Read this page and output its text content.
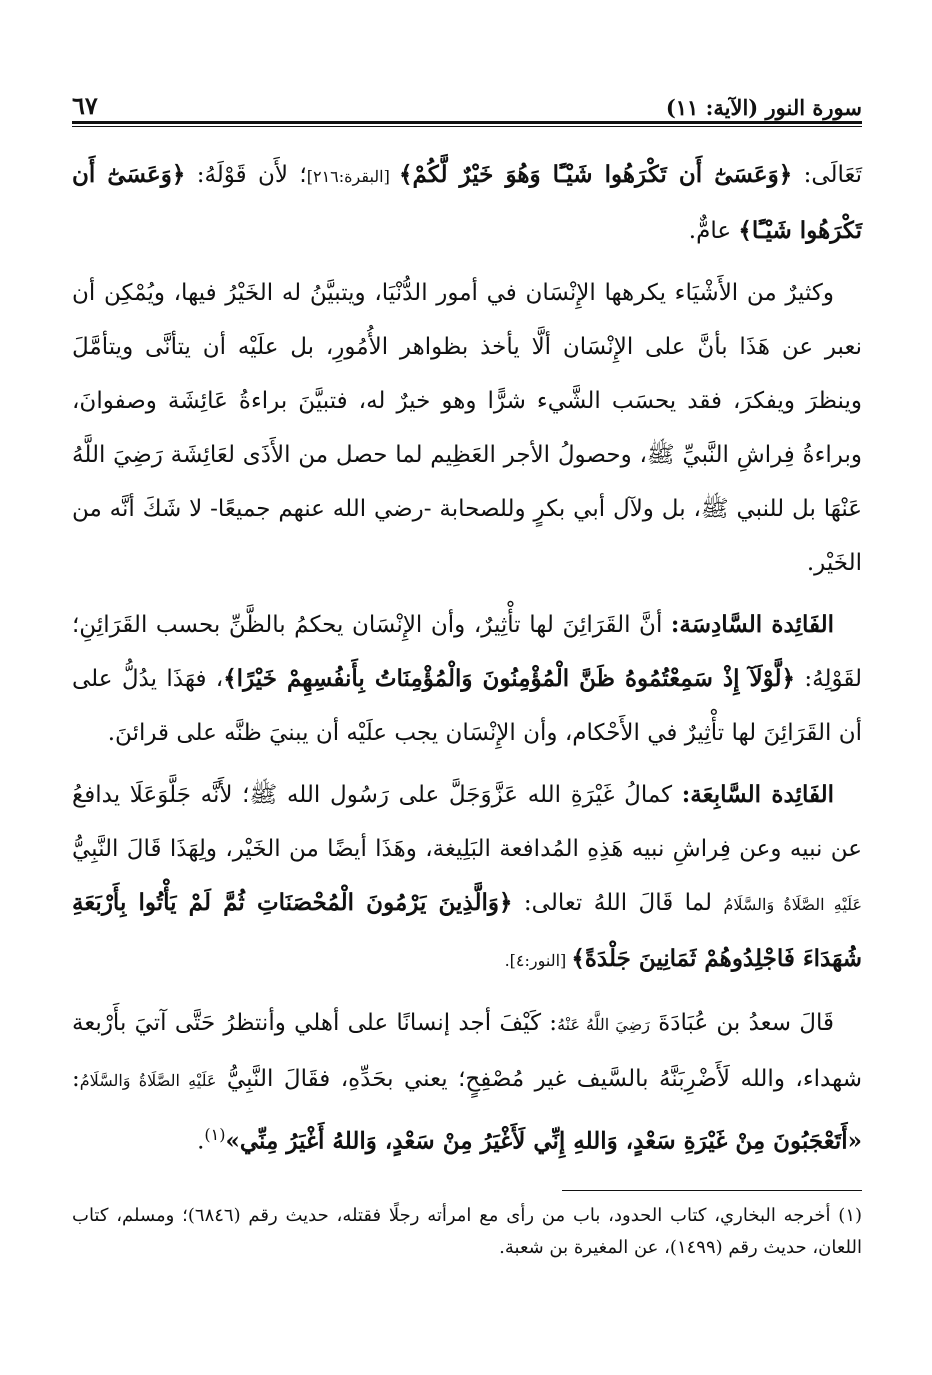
سورة النور (الآية: ١١)
٦٧

تَعَالَى: ﴿وَعَسَىٰٓ أَن تَكْرَهُوا شَيْـًٔا وَهُوَ خَيْرٌ لَّكُمْ﴾ [البقرة:٢١٦]؛ لأَن قَوْلَهُ: ﴿وَعَسَىٰٓ أَن تَكْرَهُوا شَيْـًٔا﴾ عامٌّ.

وكثيرٌ من الأَشْيَاء يكرهها الإِنْسَان في أمور الدُّنْيَا، ويتبيَّنُ له الخَيْرُ فيها، ويُمْكِن أن نعبر عن هَذَا بأنَّ على الإِنْسَان ألَّا يأخذ بظواهر الأُمُورِ، بل علَيْه أن يتأنَّى ويتأمَّلَ وينظرَ ويفكرَ، فقد يحسَب الشَّيء شرًّا وهو خيرٌ له، فتبيَّنَ براءةُ عَائِشَة وصفوانَ، وبراءةُ فِراشِ النَّبيِّ ﷺ، وحصولُ الأجر العَظِيم لما حصل من الأَذَى لعَائِشَة رَضِيَ اللَّهُ عَنْهَا بل للنبي ﷺ، بل ولآل أبي بكرٍ وللصحابة -رضي الله عنهم جميعًا- لا شَكَ أنَّه من الخَيْر.

الفَائِدة السَّادِسَة: أنَّ القَرَائِنَ لها تأْثِيرٌ، وأن الإِنْسَان يحكمُ بالظَّنِّ بحسب القَرَائِنِ؛ لقَوْلِهُ: ﴿لَّوْلَآ إِذْ سَمِعْتُمُوهُ ظَنَّ الْمُؤْمِنُونَ وَالْمُؤْمِنَاتُ بِأَنفُسِهِمْ خَيْرًا﴾، فهَذَا يدُلُّ على أن القَرَائِنَ لها تأْثِيرٌ في الأَحْكام، وأن الإِنْسَان يجب علَيْه أن يبنيَ ظنَّه على قرائنَ.

الفَائِدة السَّابِعَة: كمالُ غَيْرَةِ الله عَزَّوَجَلَّ على رَسُول الله ﷺ؛ لأَنَّه جَلَّوَعَلَا يدافعُ عن نبيه وعن فِراشِ نبيه هَذِهِ المُدافعة البَلِيغة، وهَذَا أيضًا من الخَيْر، ولِهَذَا قَالَ النَّبِيُّ عَلَيْهِ الصَّلَاةُ وَالسَّلَامُ لما قَالَ اللهُ تعالى: ﴿وَالَّذِينَ يَرْمُونَ الْمُحْصَنَاتِ ثُمَّ لَمْ يَأْتُوا بِأَرْبَعَةِ شُهَدَاءَ فَاجْلِدُوهُمْ ثَمَانِينَ جَلْدَةً﴾ [النور:٤].

قَالَ سعدُ بن عُبَادَةَ رَضِيَ اللَّهُ عَنْهُ: كَيْفَ أجد إنسانًا على أهلي وأنتظرُ حَتَّى آتيَ بأَرْبعة شهداء، والله لَأَضْرِبَنَّهُ بالسَّيف غير مُصْفِحٍ؛ يعني بحَدِّهِ، فقَالَ النَّبِيُّ عَلَيْهِ الصَّلَاةُ وَالسَّلَامُ: «أَتَعْجَبُونَ مِنْ غَيْرَةِ سَعْدٍ، وَاللهِ إِنِّي لَأَغْيَرُ مِنْ سَعْدٍ، وَاللهُ أَغْيَرُ مِنِّي»$^{(١)}$.

(١) أخرجه البخاري، كتاب الحدود، باب من رأى مع امرأته رجلًا فقتله، حديث رقم (٦٨٤٦)؛ ومسلم، كتاب اللعان، حديث رقم (١٤٩٩)، عن المغيرة بن شعبة.
